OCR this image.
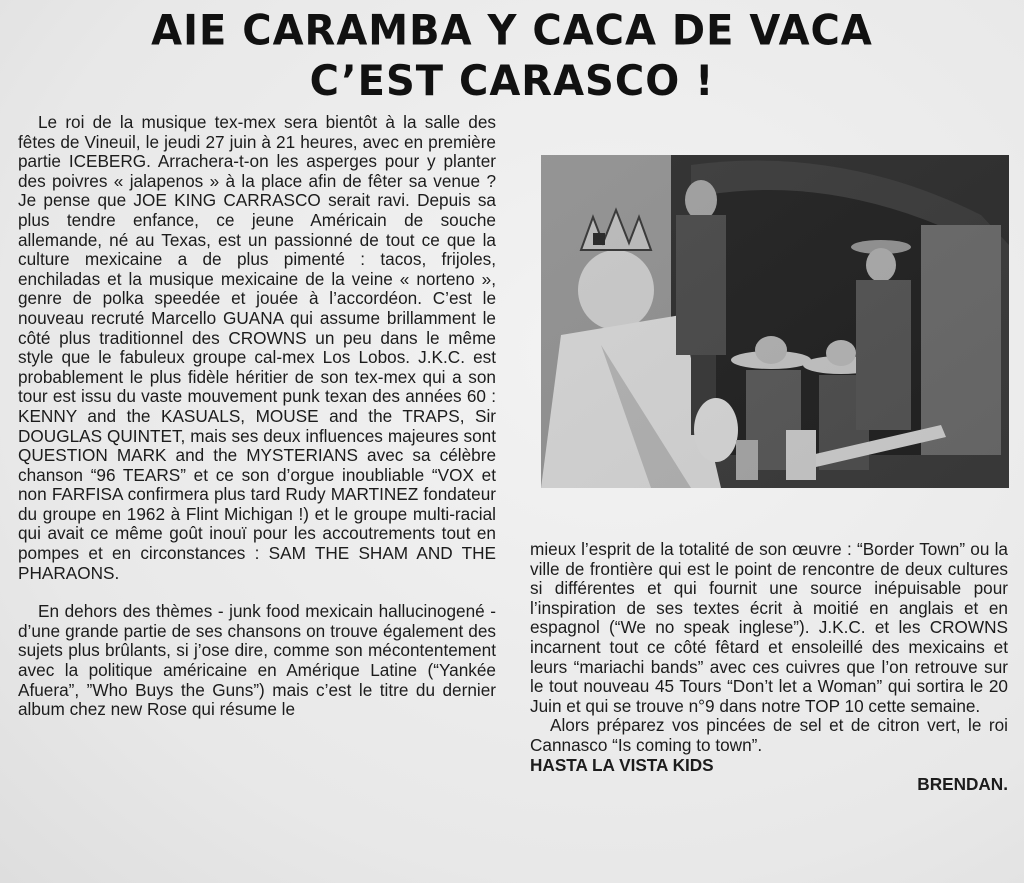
AIE CARAMBA Y CACA DE VACA
C’EST CARASCO !

Le roi de la musique tex-mex sera bientôt à la salle des fêtes de Vineuil, le jeudi 27 juin à 21 heures, avec en première partie ICEBERG. Arrachera-t-on les asperges pour y planter des poivres « jalapenos » à la place afin de fêter sa venue ? Je pense que JOE KING CARRASCO serait ravi. Depuis sa plus tendre enfance, ce jeune Américain de souche allemande, né au Texas, est un passionné de tout ce que la culture mexicaine a de plus pimenté : tacos, frijoles, enchiladas et la musique mexicaine de la veine « norteno », genre de polka speedée et jouée à l’accordéon. C’est le nouveau recruté Marcello GUANA qui assume brillamment le côté plus traditionnel des CROWNS un peu dans le même style que le fabuleux groupe cal-mex Los Lobos. J.K.C. est probablement le plus fidèle héritier de son tex-mex qui a son tour est issu du vaste mouvement punk texan des années 60 : KENNY and the KASUALS, MOUSE and the TRAPS, Sir DOUGLAS QUINTET, mais ses deux influences majeures sont QUESTION MARK and the MYSTERIANS avec sa célèbre chanson “96 TEARS” et ce son d’orgue inoubliable “VOX et non FARFISA confirmera plus tard Rudy MARTINEZ fondateur du groupe en 1962 à Flint Michigan !) et le groupe multi-racial qui avait ce même goût inouï pour les accoutrements tout en pompes et en circonstances : SAM THE SHAM AND THE PHARAONS.

En dehors des thèmes - junk food mexicain hallucinogené - d’une grande partie de ses chansons on trouve également des sujets plus brûlants, si j’ose dire, comme son mécontentement avec la politique américaine en Amérique Latine (“Yankée Afuera”, ”Who Buys the Guns”) mais c’est le titre du dernier album chez new Rose qui résume le

mieux l’esprit de la totalité de son œuvre : “Border Town” ou la ville de frontière qui est le point de rencontre de deux cultures si différentes et qui fournit une source inépuisable pour l’inspiration de ses textes écrit à moitié en anglais et en espagnol (“We no speak inglese”). J.K.C. et les CROWNS incarnent tout ce côté fêtard et ensoleillé des mexicains et leurs “mariachi bands” avec ces cuivres que l’on retrouve sur le tout nouveau 45 Tours “Don’t let a Woman” qui sortira le 20 Juin et qui se trouve n°9 dans notre TOP 10 cette semaine.

Alors préparez vos pincées de sel et de citron vert, le roi Cannasco “Is coming to town”.

HASTA LA VISTA KIDS

BRENDAN.
